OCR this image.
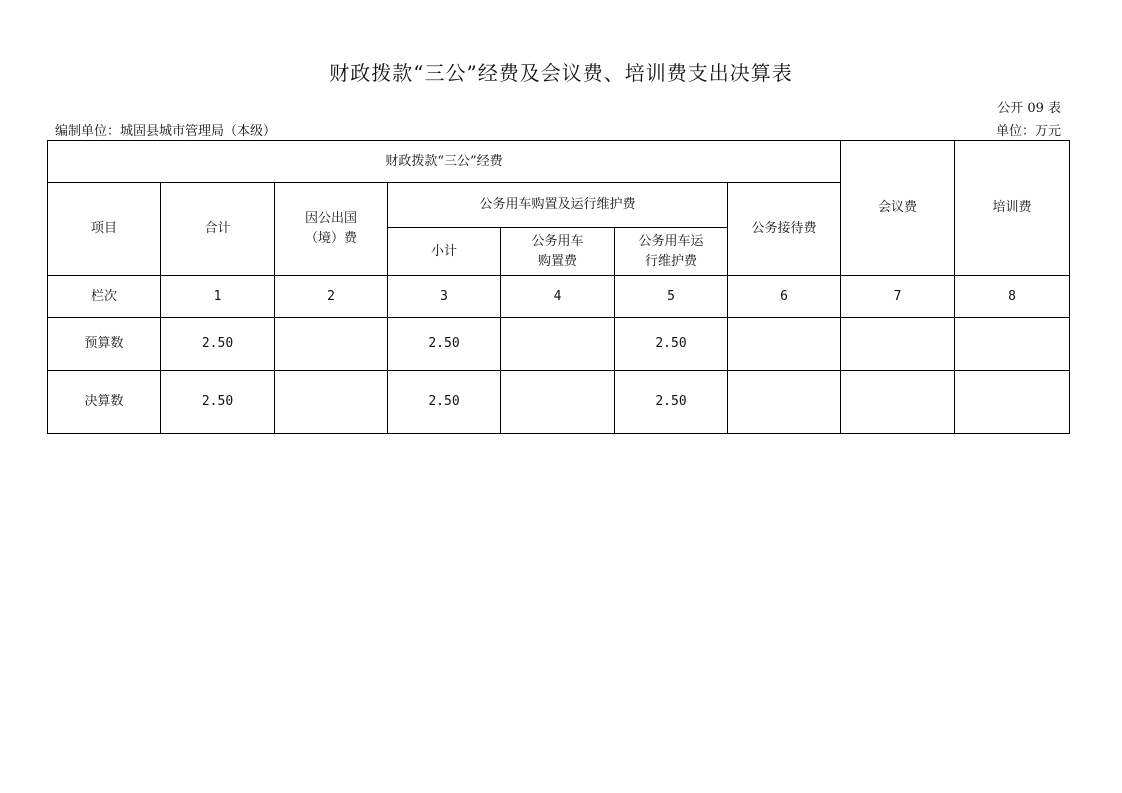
财政拨款“三公”经费及会议费、培训费支出决算表
公开 09 表
编制单位：城固县城市管理局（本级）	单位：万元
财政拨款“三公”经费							会议费	培训费
项目	合计	因公出国（境）费	公务用车购置及运行维护费			公务接待费		
			小计	公务用车购置费	公务用车运行维护费			
栏次	1	2	3	4	5	6	7	8
预算数	2.50		2.50		2.50			
决算数	2.50		2.50		2.50			
